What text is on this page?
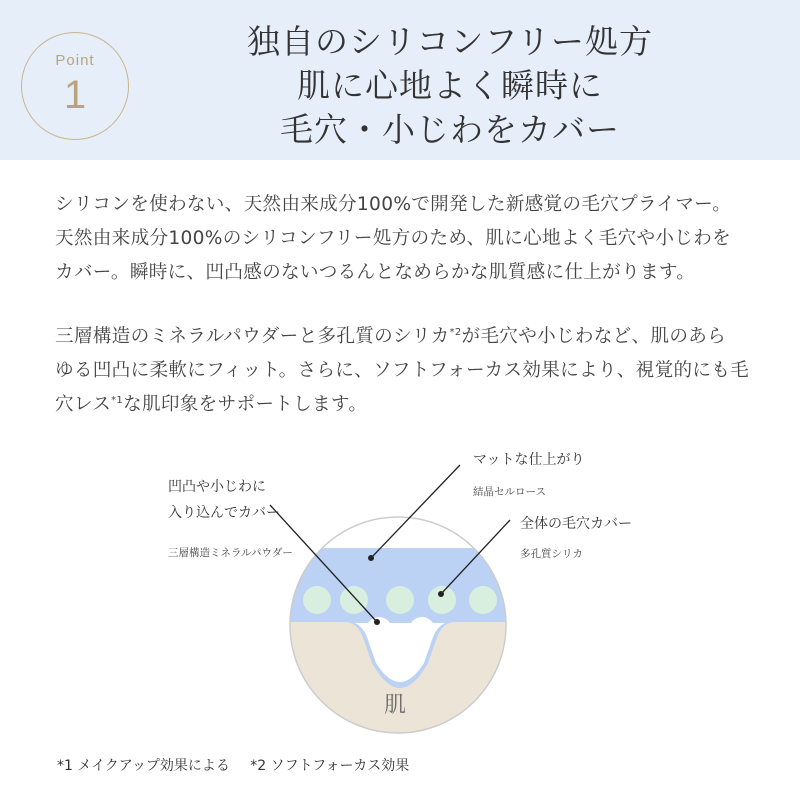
Point
1
独自のシリコンフリー処方
肌に心地よく瞬時に
毛穴・小じわをカバー

シリコンを使わない、天然由来成分100%で開発した新感覚の毛穴プライマー。
天然由来成分100%のシリコンフリー処方のため、肌に心地よく毛穴や小じわを
カバー。瞬時に、凹凸感のないつるんとなめらかな肌質感に仕上がります。

三層構造のミネラルパウダーと多孔質のシリカ$^{*2}$が毛穴や小じわなど、肌のあら
ゆる凹凸に柔軟にフィット。さらに、ソフトフォーカス効果により、視覚的にも毛
穴レス$^{*1}$な肌印象をサポートします。

肌
凹凸や小じわに
入り込んでカバー
三層構造ミネラルパウダー
マットな仕上がり
結晶セルロース
全体の毛穴カバー
多孔質シリカ
*1 メイクアップ効果による *2 ソフトフォーカス効果
